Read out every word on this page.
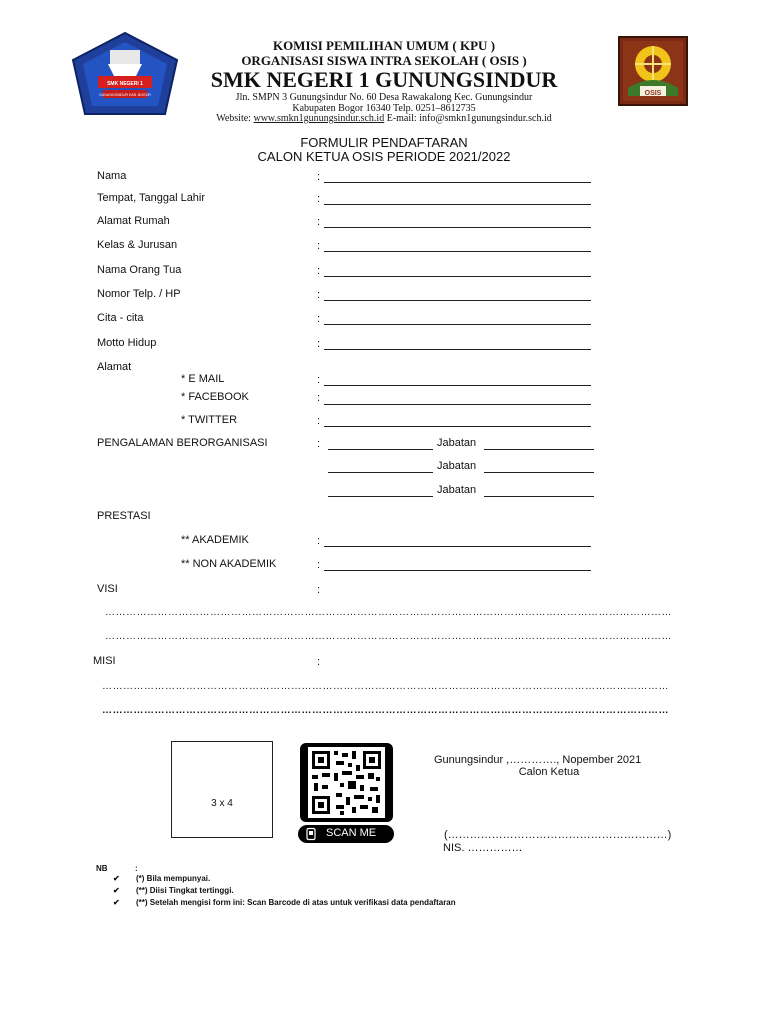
SMK NEGERI 1
GUNUNGSINDUR KAB. BOGOR	OSIS
KOMISI PEMILIHAN UMUM ( KPU )
ORGANISASI SISWA INTRA SEKOLAH ( OSIS )
SMK NEGERI 1 GUNUNGSINDUR
Jln. SMPN 3 Gunungsindur No. 60 Desa Rawakalong Kec. Gunungsindur
Kabupaten Bogor 16340 Telp. 0251–8612735
Website: www.smkn1gunungsindur.sch.id E-mail: info@smkn1gunungsindur.sch.id
FORMULIR PENDAFTARAN
CALON KETUA OSIS PERIODE 2021/2022
Nama	:
Tempat, Tanggal Lahir	:
Alamat Rumah	:
Kelas & Jurusan	:
Nama Orang Tua	:
Nomor Telp. / HP	:
Cita - cita	:
Motto Hidup	:
Alamat
* E MAIL	:
* FACEBOOK	:
* TWITTER	:
PENGALAMAN BERORGANISASI	:	Jabatan
Jabatan
Jabatan
PRESTASI
** AKADEMIK	:
** NON AKADEMIK	:
VISI	:
………………………………………………………………………………………………………………………………………………
………………………………………………………………………………………………………………………………………………
MISI	:
………………………………………………………………………………………………………………………………………………
………………………………………………………………………………………………………………………………………………
3 x 4
SCAN ME
Gunungsindur ,…………., Nopember 2021
Calon Ketua
(……………………………………………………)
NIS. ……………
NB	:
✔ (*) Bila mempunyai.
✔ (**) Diisi Tingkat tertinggi.
✔ (**) Setelah mengisi form ini: Scan Barcode di atas untuk verifikasi data pendaftaran
